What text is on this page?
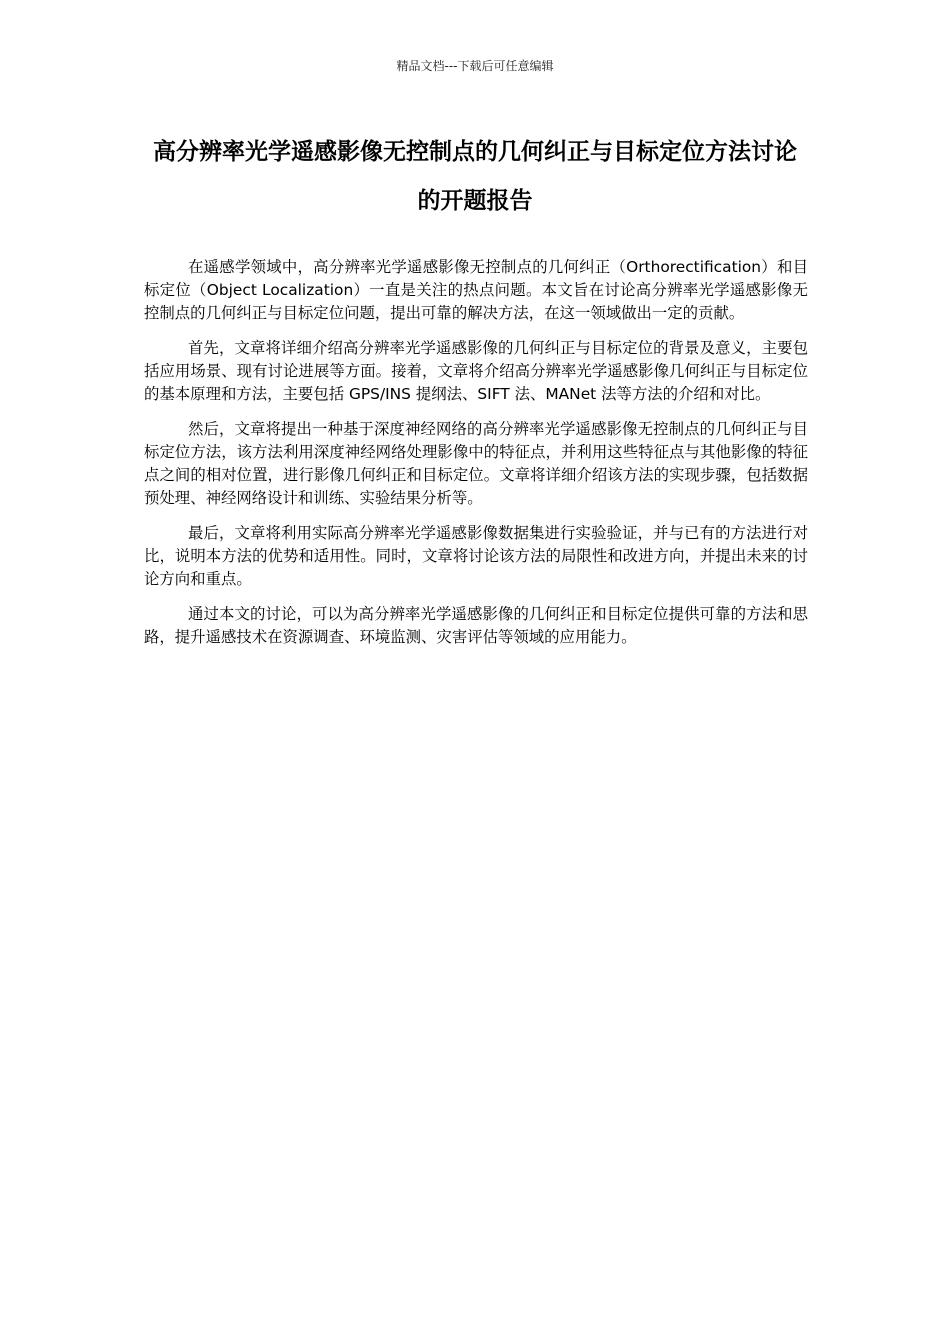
精品文档---下载后可任意编辑
高分辨率光学遥感影像无控制点的几何纠正与目标定位方法讨论的开题报告

在遥感学领域中，高分辨率光学遥感影像无控制点的几何纠正（Orthorectification）和目标定位（Object Localization）一直是关注的热点问题。本文旨在讨论高分辨率光学遥感影像无控制点的几何纠正与目标定位问题，提出可靠的解决方法，在这一领域做出一定的贡献。

首先，文章将详细介绍高分辨率光学遥感影像的几何纠正与目标定位的背景及意义，主要包括应用场景、现有讨论进展等方面。接着，文章将介绍高分辨率光学遥感影像几何纠正与目标定位的基本原理和方法，主要包括 GPS/INS 提纲法、SIFT 法、MANet 法等方法的介绍和对比。

然后，文章将提出一种基于深度神经网络的高分辨率光学遥感影像无控制点的几何纠正与目标定位方法，该方法利用深度神经网络处理影像中的特征点，并利用这些特征点与其他影像的特征点之间的相对位置，进行影像几何纠正和目标定位。文章将详细介绍该方法的实现步骤，包括数据预处理、神经网络设计和训练、实验结果分析等。

最后，文章将利用实际高分辨率光学遥感影像数据集进行实验验证，并与已有的方法进行对比，说明本方法的优势和适用性。同时，文章将讨论该方法的局限性和改进方向，并提出未来的讨论方向和重点。

通过本文的讨论，可以为高分辨率光学遥感影像的几何纠正和目标定位提供可靠的方法和思路，提升遥感技术在资源调查、环境监测、灾害评估等领域的应用能力。
